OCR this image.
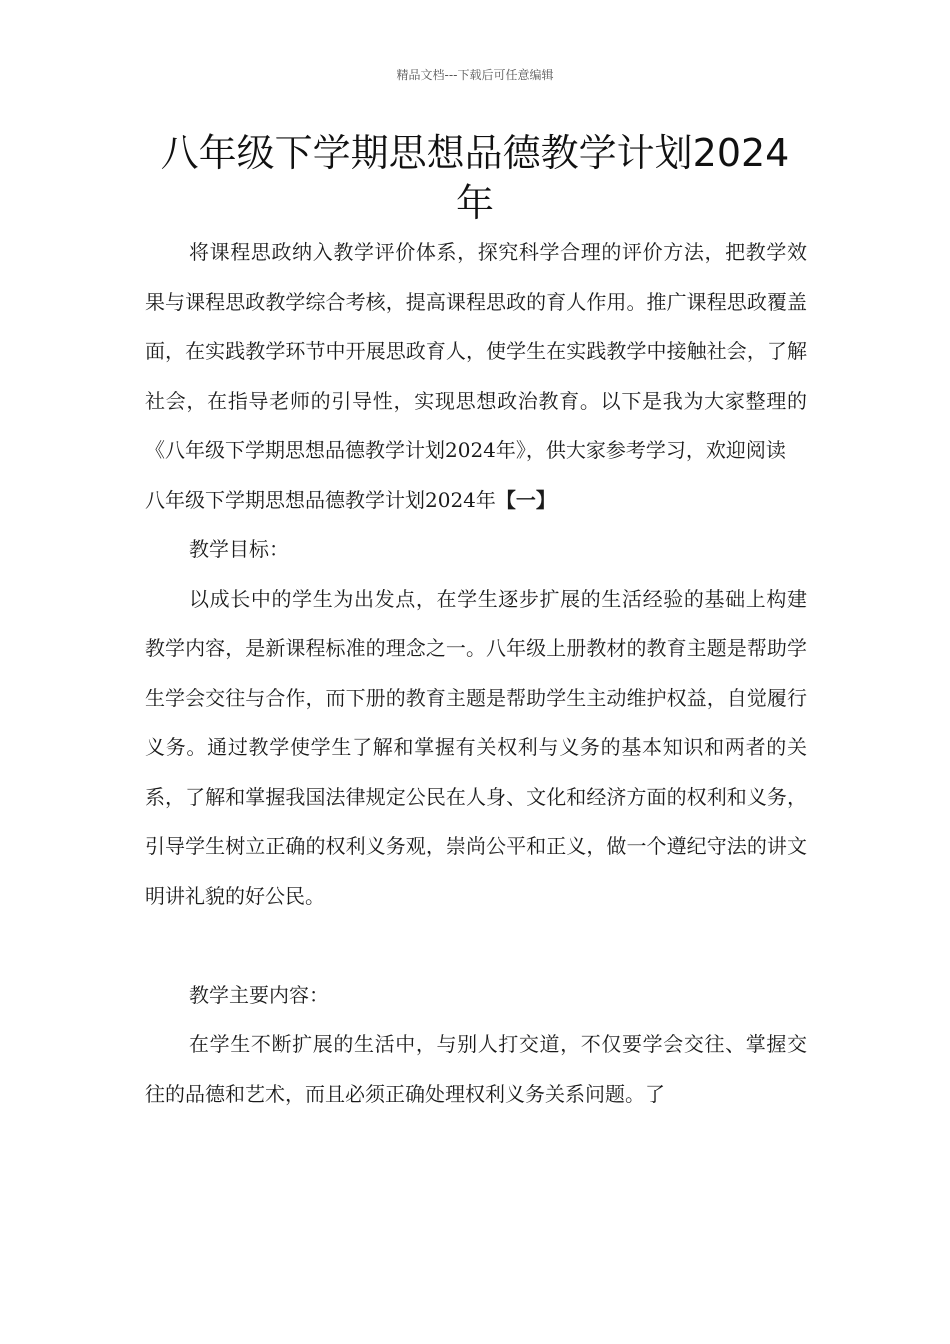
精品文档---下载后可任意编辑
八年级下学期思想品德教学计划2024年

将课程思政纳入教学评价体系，探究科学合理的评价方法，把教学效果与课程思政教学综合考核，提高课程思政的育人作用。推广课程思政覆盖面，在实践教学环节中开展思政育人，使学生在实践教学中接触社会，了解社会，在指导老师的引导性，实现思想政治教育。以下是我为大家整理的《八年级下学期思想品德教学计划2024年》，供大家参考学习，欢迎阅读

八年级下学期思想品德教学计划2024年【一】

教学目标：

以成长中的学生为出发点，在学生逐步扩展的生活经验的基础上构建教学内容，是新课程标准的理念之一。八年级上册教材的教育主题是帮助学生学会交往与合作，而下册的教育主题是帮助学生主动维护权益，自觉履行义务。通过教学使学生了解和掌握有关权利与义务的基本知识和两者的关系，了解和掌握我国法律规定公民在人身、文化和经济方面的权利和义务，引导学生树立正确的权利义务观，崇尚公平和正义，做一个遵纪守法的讲文明讲礼貌的好公民。

教学主要内容：

在学生不断扩展的生活中，与别人打交道，不仅要学会交往、掌握交往的品德和艺术，而且必须正确处理权利义务关系问题。了
